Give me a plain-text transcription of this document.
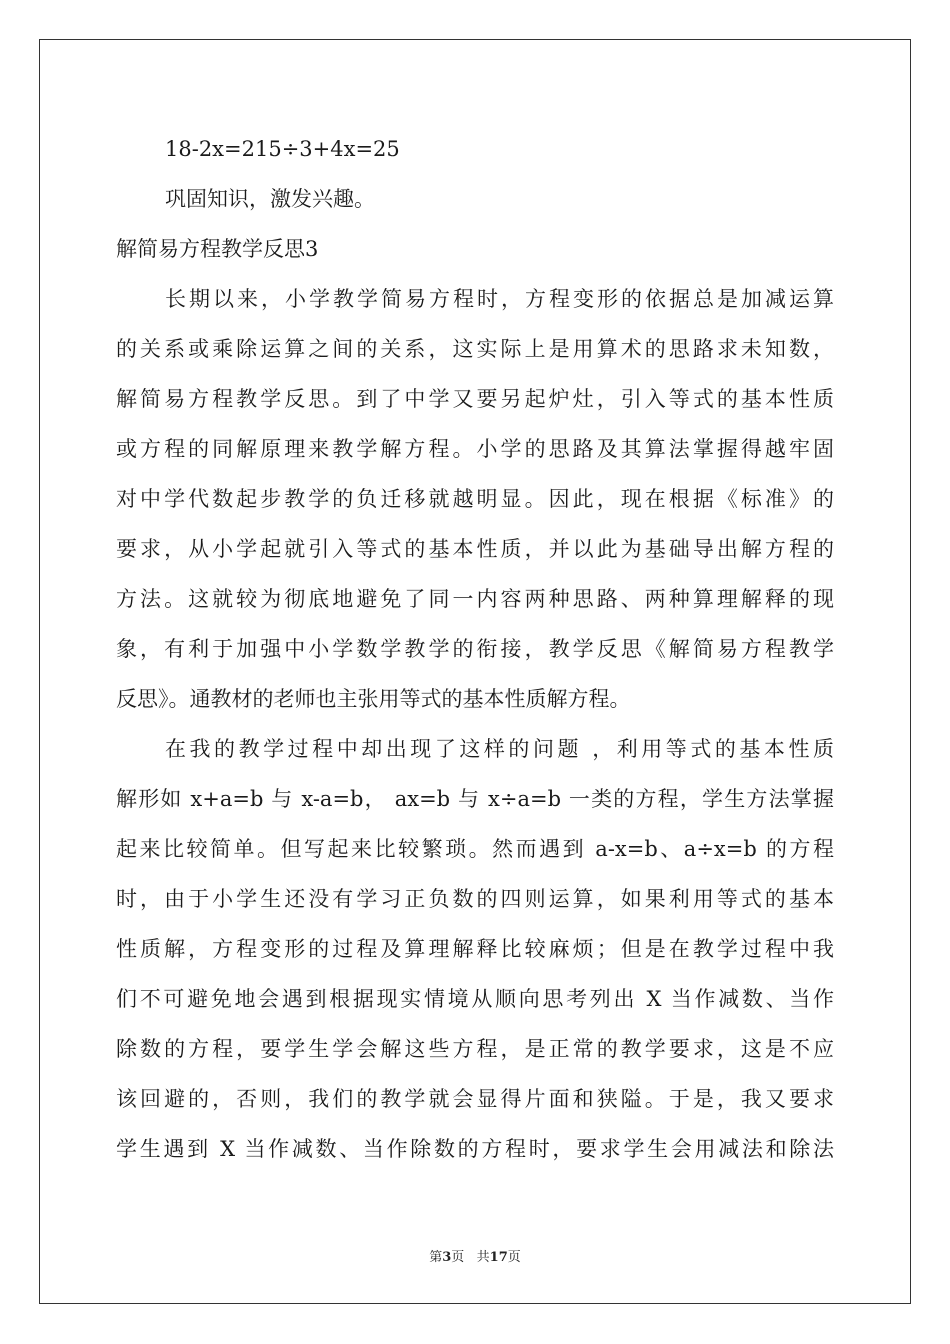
18-2x=215÷3+4x=25
巩固知识，激发兴趣。
解简易方程教学反思3
长期以来，小学教学简易方程时，方程变形的依据总是加减运算
的关系或乘除运算之间的关系，这实际上是用算术的思路求未知数，
解简易方程教学反思。到了中学又要另起炉灶，引入等式的基本性质
或方程的同解原理来教学解方程。小学的思路及其算法掌握得越牢固
对中学代数起步教学的负迁移就越明显。因此，现在根据《标准》的
要求，从小学起就引入等式的基本性质，并以此为基础导出解方程的
方法。这就较为彻底地避免了同一内容两种思路、两种算理解释的现
象，有利于加强中小学数学教学的衔接，教学反思《解简易方程教学
反思》。通教材的老师也主张用等式的基本性质解方程。
在我的教学过程中却出现了这样的问题 ，利用等式的基本性质
解形如 x+a=b 与 x-a=b， ax=b 与 x÷a=b 一类的方程，学生方法掌握
起来比较简单。但写起来比较繁琐。然而遇到 a-x=b、a÷x=b 的方程
时，由于小学生还没有学习正负数的四则运算，如果利用等式的基本
性质解，方程变形的过程及算理解释比较麻烦；但是在教学过程中我
们不可避免地会遇到根据现实情境从顺向思考列出 X 当作减数、当作
除数的方程，要学生学会解这些方程，是正常的教学要求，这是不应
该回避的，否则，我们的教学就会显得片面和狭隘。于是，我又要求
学生遇到 X 当作减数、当作除数的方程时，要求学生会用减法和除法
第3页   共17页
